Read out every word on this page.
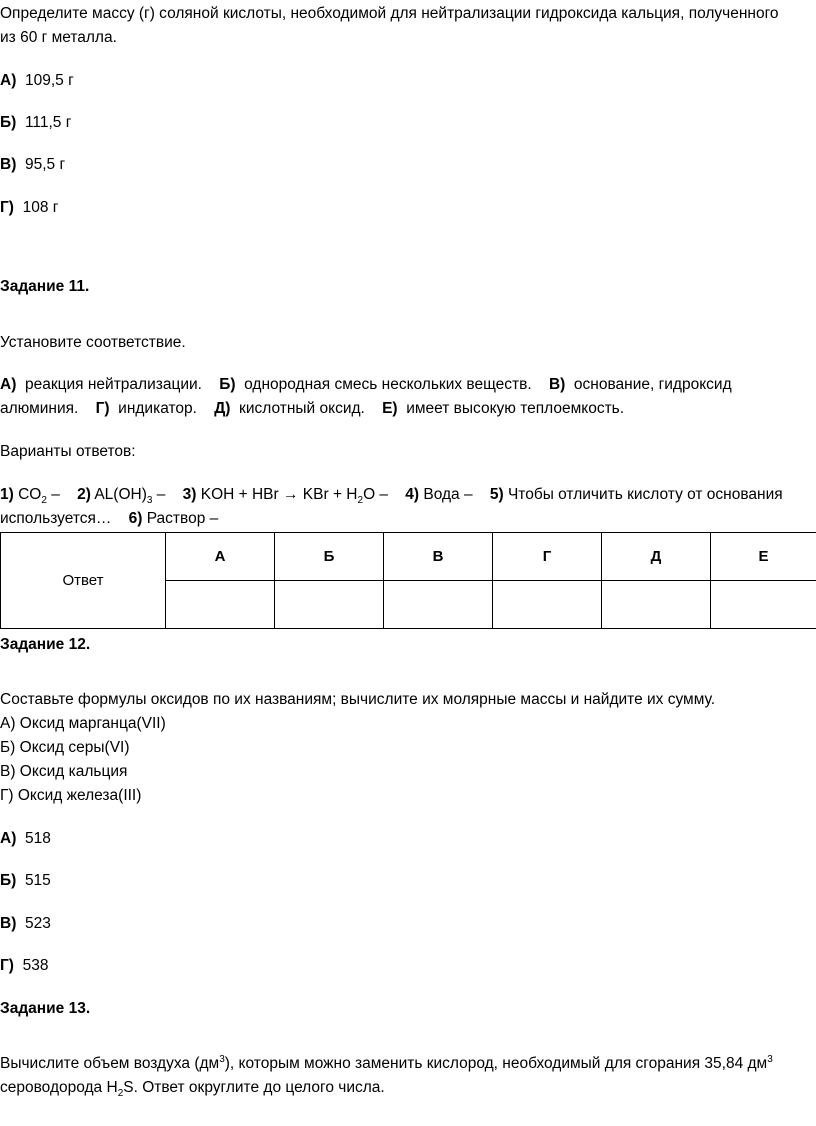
Определите массу (г) соляной кислоты, необходимой для нейтрализации гидроксида кальция, полученного
из 60 г металла.
А) 109,5 г
Б) 111,5 г
В) 95,5 г
Г) 108 г
Задание 11.
Установите соответствие.
А) реакция нейтрализации. Б) однородная смесь нескольких веществ. В) основание, гидроксид
алюминия. Г) индикатор. Д) кислотный оксид. Е) имеет высокую теплоемкость.
Варианты ответов:
1) $CO_2 - 2$) $AL(OH)_3 - 3$) KOH + HBr → KBr + $H_2O - 4$) Вода – 5) Чтобы отличить кислоту от основания
используется… 6) Раствор –
Ответ	А	Б	В	Г	Д	Е

Задание 12.
Составьте формулы оксидов по их названиям; вычислите их молярные массы и найдите их сумму.
А) Оксид марганца(VII)
Б) Оксид серы(VI)
В) Оксид кальция
Г) Оксид железа(III)
А) 518
Б) 515
В) 523
Г) 538
Задание 13.
Вычислите объем воздуха $(дм^3)$, которым можно заменить кислород, необходимый для сгорания 35,84 $дм^3$
сероводорода $H_2S$. Ответ округлите до целого числа.
